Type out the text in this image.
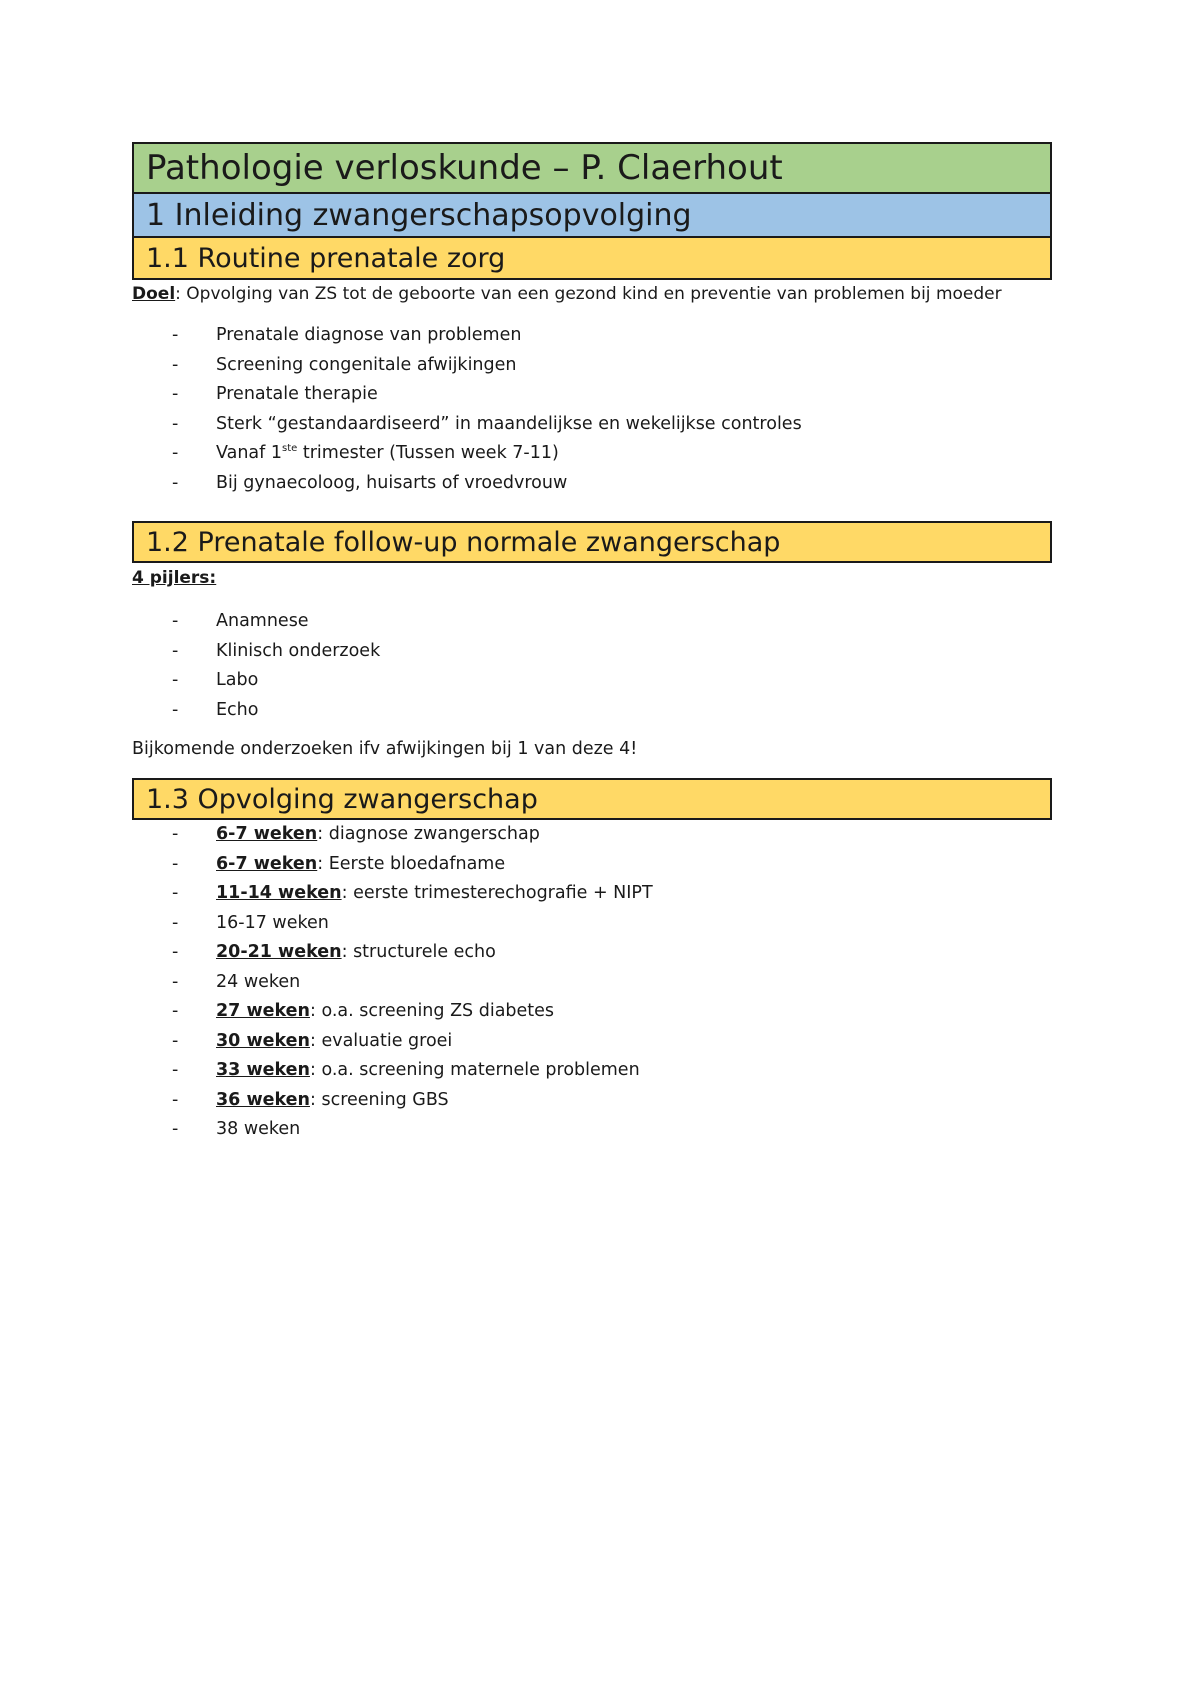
Pathologie verloskunde – P. Claerhout
1 Inleiding zwangerschapsopvolging
1.1 Routine prenatale zorg

Doel: Opvolging van ZS tot de geboorte van een gezond kind en preventie van problemen bij moeder

- Prenatale diagnose van problemen
- Screening congenitale afwijkingen
- Prenatale therapie
- Sterk “gestandaardiseerd” in maandelijkse en wekelijkse controles
- Vanaf 1ste trimester (Tussen week 7-11)
- Bij gynaecoloog, huisarts of vroedvrouw
1.2 Prenatale follow-up normale zwangerschap

4 pijlers:

- Anamnese
- Klinisch onderzoek
- Labo
- Echo

Bijkomende onderzoeken ifv afwijkingen bij 1 van deze 4!

1.3 Opvolging zwangerschap
- 6-7 weken: diagnose zwangerschap
- 6-7 weken: Eerste bloedafname
- 11-14 weken: eerste trimesterechografie + NIPT
- 16-17 weken
- 20-21 weken: structurele echo
- 24 weken
- 27 weken: o.a. screening ZS diabetes
- 30 weken: evaluatie groei
- 33 weken: o.a. screening maternele problemen
- 36 weken: screening GBS
- 38 weken
